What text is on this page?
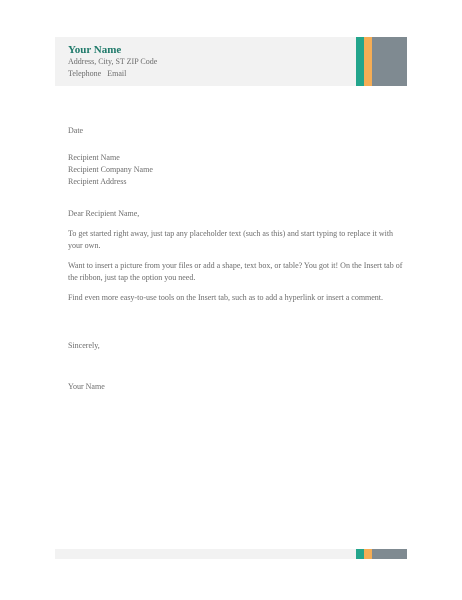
Your Name
Address, City, ST ZIP Code
Telephone Email
Date
Recipient Name
Recipient Company Name
Recipient Address
Dear Recipient Name,
To get started right away, just tap any placeholder text (such as this) and start typing to replace it with your own.
Want to insert a picture from your files or add a shape, text box, or table? You got it! On the Insert tab of the ribbon, just tap the option you need.
Find even more easy-to-use tools on the Insert tab, such as to add a hyperlink or insert a comment.
Sincerely,
Your Name
